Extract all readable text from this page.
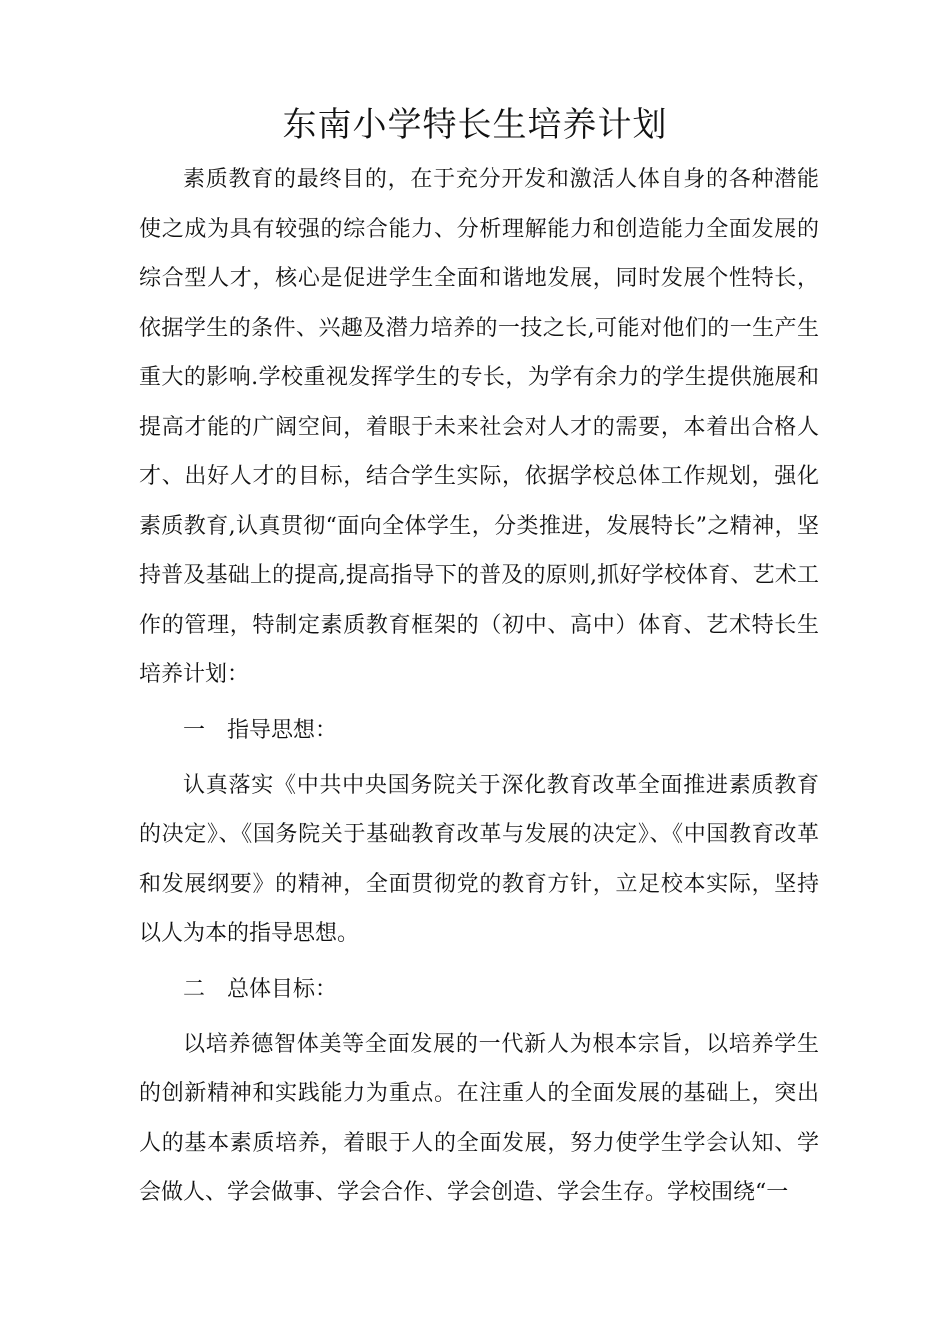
东南小学特长生培养计划

素质教育的最终目的，在于充分开发和激活人体自身的各种潜能使之成为具有较强的综合能力、分析理解能力和创造能力全面发展的综合型人才，核心是促进学生全面和谐地发展，同时发展个性特长，依据学生的条件、兴趣及潜力培养的一技之长,可能对他们的一生产生重大的影响.学校重视发挥学生的专长，为学有余力的学生提供施展和提高才能的广阔空间，着眼于未来社会对人才的需要，本着出合格人才、出好人才的目标，结合学生实际，依据学校总体工作规划，强化素质教育,认真贯彻“面向全体学生，分类推进，发展特长”之精神，坚持普及基础上的提高,提高指导下的普及的原则,抓好学校体育、艺术工作的管理，特制定素质教育框架的（初中、高中）体育、艺术特长生培养计划：

一 指导思想：

认真落实《中共中央国务院关于深化教育改革全面推进素质教育的决定》、《国务院关于基础教育改革与发展的决定》、《中国教育改革和发展纲要》的精神，全面贯彻党的教育方针，立足校本实际，坚持以人为本的指导思想。

二 总体目标：

以培养德智体美等全面发展的一代新人为根本宗旨，以培养学生的创新精神和实践能力为重点。在注重人的全面发展的基础上，突出人的基本素质培养，着眼于人的全面发展，努力使学生学会认知、学会做人、学会做事、学会合作、学会创造、学会生存。学校围绕“一
